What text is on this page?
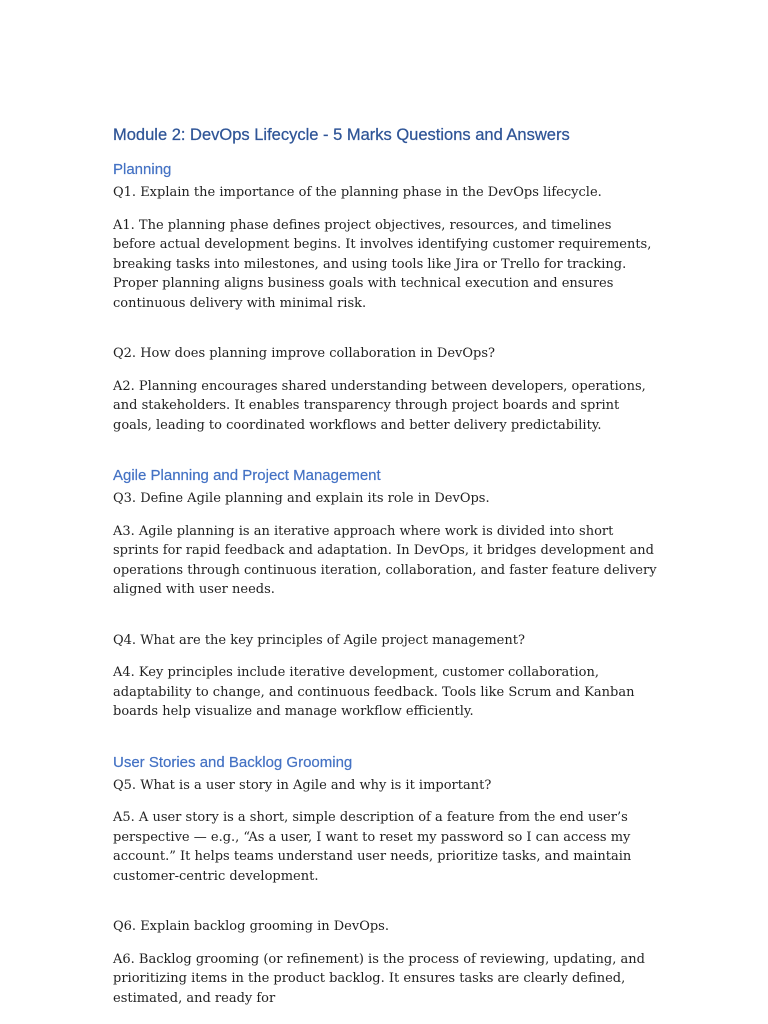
Module 2: DevOps Lifecycle - 5 Marks Questions and Answers
Planning

Q1. Explain the importance of the planning phase in the DevOps lifecycle.

A1. The planning phase defines project objectives, resources, and timelines before actual development begins. It involves identifying customer requirements, breaking tasks into milestones, and using tools like Jira or Trello for tracking. Proper planning aligns business goals with technical execution and ensures continuous delivery with minimal risk.

Q2. How does planning improve collaboration in DevOps?

A2. Planning encourages shared understanding between developers, operations, and stakeholders. It enables transparency through project boards and sprint goals, leading to coordinated workflows and better delivery predictability.

Agile Planning and Project Management

Q3. Define Agile planning and explain its role in DevOps.

A3. Agile planning is an iterative approach where work is divided into short sprints for rapid feedback and adaptation. In DevOps, it bridges development and operations through continuous iteration, collaboration, and faster feature delivery aligned with user needs.

Q4. What are the key principles of Agile project management?

A4. Key principles include iterative development, customer collaboration, adaptability to change, and continuous feedback. Tools like Scrum and Kanban boards help visualize and manage workflow efficiently.

User Stories and Backlog Grooming

Q5. What is a user story in Agile and why is it important?

A5. A user story is a short, simple description of a feature from the end user’s perspective — e.g., “As a user, I want to reset my password so I can access my account.” It helps teams understand user needs, prioritize tasks, and maintain customer-centric development.

Q6. Explain backlog grooming in DevOps.

A6. Backlog grooming (or refinement) is the process of reviewing, updating, and prioritizing items in the product backlog. It ensures tasks are clearly defined, estimated, and ready for
